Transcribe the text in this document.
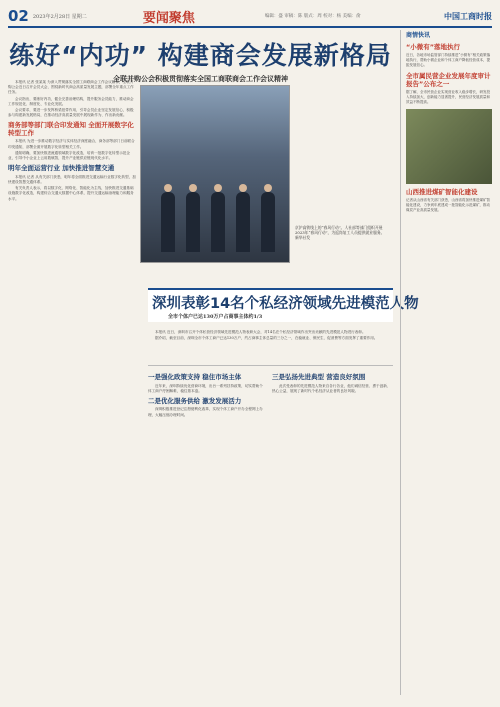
02 2023年2月28日 星期二	要闻聚焦	编辑：盛 审稿：陈 版式：周 校对：杨 美编：俞	中国工商时报
练好“内功” 构建商会发展新格局
全联并购公会积极贯彻落实全国工商联商会工作会议精神

本报讯 记者 张某某 为深入贯彻落实全国工商联商会工作会议精神，全联并购公会近日召开会员大会，围绕新时代商会高质量发展主题，部署全年重点工作任务。

会议指出，要练好内功，健全完善治理结构，提升服务会员能力，推动商会工作规范化、制度化、专业化发展。

会议要求，要进一步发挥桥梁纽带作用，引导会员企业坚定发展信心，积极参与构建新发展格局，在推动经济高质量发展中展现新作为、作出新贡献。

商务部等部门联合印发通知 全面开展数字化转型工作

本报讯 为进一步推动数字经济与实体经济深度融合，商务部等部门日前联合印发通知，部署全面开展数字化转型相关工作。

通知明确，要加快推进流通领域数字化改造，培育一批数字化转型示范企业，引导中小企业上云用数赋智，提升产业链供应链现代化水平。

明年全面运营行业 加快推进智慧交通

本报讯 记者 从有关部门获悉，明年将全面推进交通运输行业数字化转型，加快建设智慧交通体系。

有关负责人表示，将以数字化、网络化、智能化为主线，加快推进交通基础设施数字化改造，构建综合交通大数据中心体系，提升交通运输治理能力和服务水平。

京沪高铁线上的“春风行动”。人社部等部门组织开展2023年“春风行动”，为返岗复工人员提供就业服务。 新华社发
深圳表彰14名个私经济领域先进模范人物
全市个体户已达130万户占商事主体约1/3

本报讯 近日，深圳市召开个体私营经济领域先进模范人物表彰大会，对14名在个私经济领域作出突出贡献的先进模范人物进行表彰。

据介绍，截至目前，深圳全市个体工商户已达130万户，约占商事主体总量的三分之一，在稳就业、保民生、促消费等方面发挥了重要作用。

一是强化政策支持 稳住市场主体

近年来，深圳持续优化营商环境，出台一系列扶持政策，切实帮助个体工商户纾困解难，稳住基本盘。

二是优化服务供给 激发发展活力

深圳积极推进登记注册便利化改革，实现个体工商户开办全程网上办理，大幅压缩办理时间。

三是弘扬先进典型 营造良好氛围

此次受表彰的先进模范人物来自各行各业，他们诚信经营、勇于创新、热心公益，展现了新时代个私经济从业者的良好风貌。

商情快讯
“小微有”落地执行
近日，各地市场监管部门持续推进“小微有”相关政策落地执行，帮助小微企业和个体工商户降低经营成本，提振发展信心。
全市属民营企业发展年度审计报告”公布之一
据了解，全市民营企业实现营业收入稳步增长，研发投入持续加大，创新能力显著提升，民营经济发展质量和效益不断提高。
山西推进煤矿智能化建设
记者从山西省有关部门获悉，山西省将加快推进煤矿智能化建设，力争到年底建成一批智能化示范煤矿，推动煤炭产业高质量发展。
